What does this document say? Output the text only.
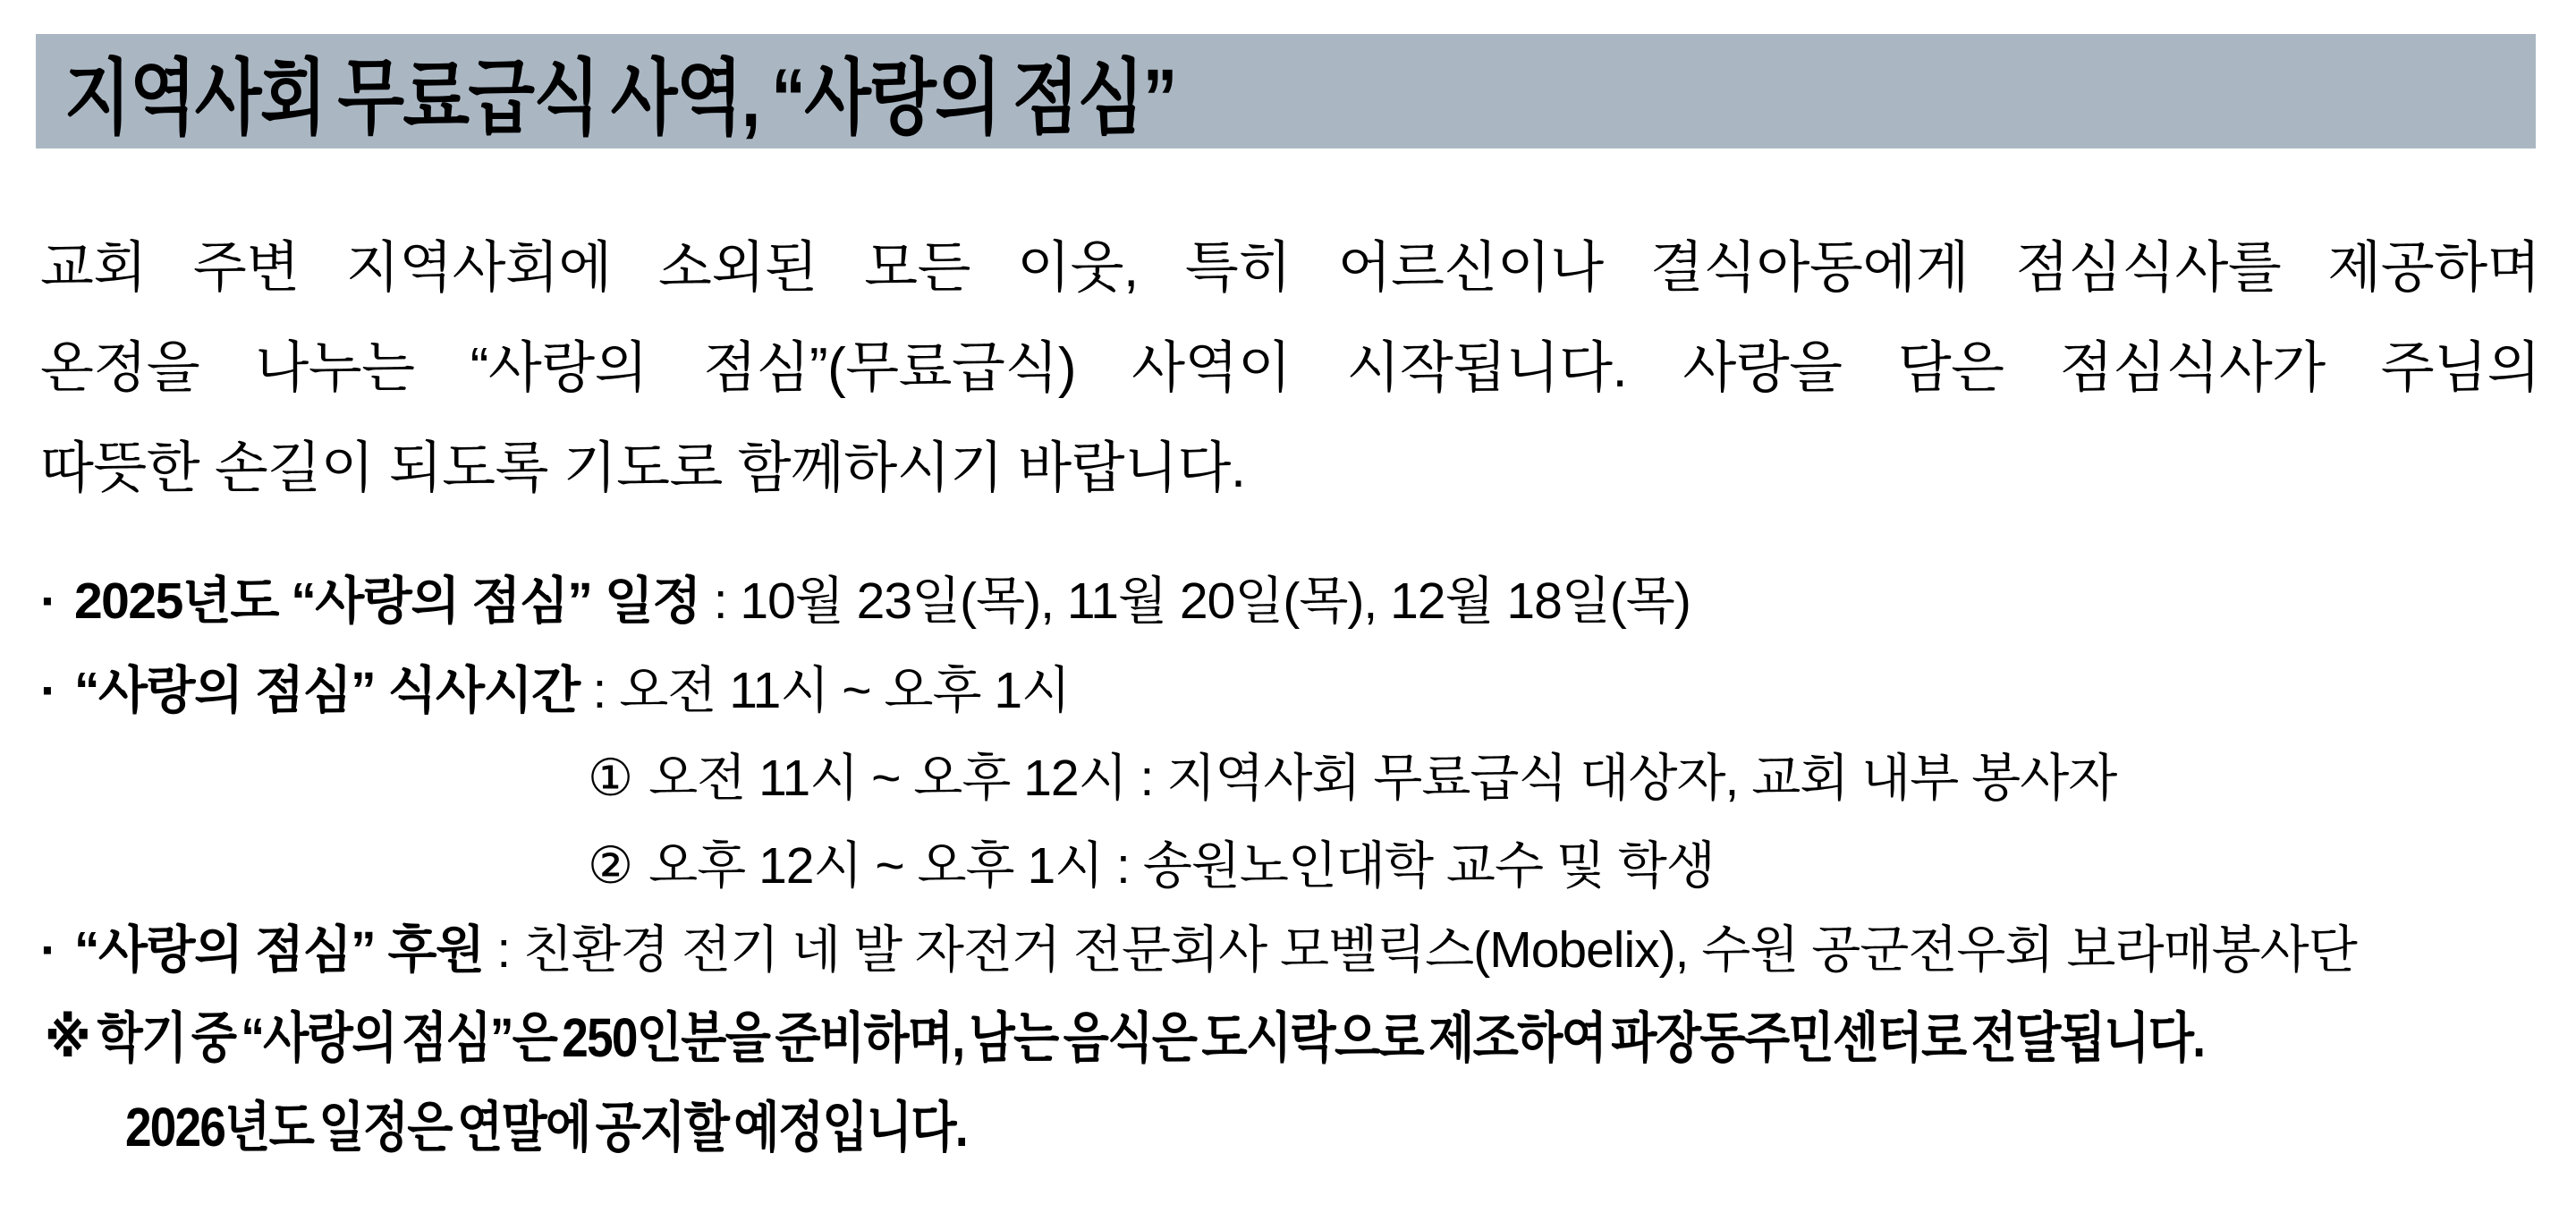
지역사회 무료급식 사역, “사랑의 점심”
교회 주변 지역사회에 소외된 모든 이웃, 특히 어르신이나 결식아동에게 점심식사를 제공하며
온정을 나누는 “사랑의 점심”(무료급식) 사역이 시작됩니다. 사랑을 담은 점심식사가 주님의
따뜻한 손길이 되도록 기도로 함께하시기 바랍니다.
· 2025년도 “사랑의 점심” 일정 : 10월 23일(목), 11월 20일(목), 12월 18일(목)
· “사랑의 점심” 식사시간 : 오전 11시 ~ 오후 1시
① 오전 11시 ~ 오후 12시 : 지역사회 무료급식 대상자, 교회 내부 봉사자
② 오후 12시 ~ 오후 1시 : 송원노인대학 교수 및 학생
· “사랑의 점심” 후원 : 친환경 전기 네 발 자전거 전문회사 모벨릭스(Mobelix), 수원 공군전우회 보라매봉사단
※ 학기 중 “사랑의 점심”은 250인분을 준비하며, 남는 음식은 도시락으로 제조하여 파장동주민센터로 전달됩니다.
2026년도 일정은 연말에 공지할 예정입니다.
